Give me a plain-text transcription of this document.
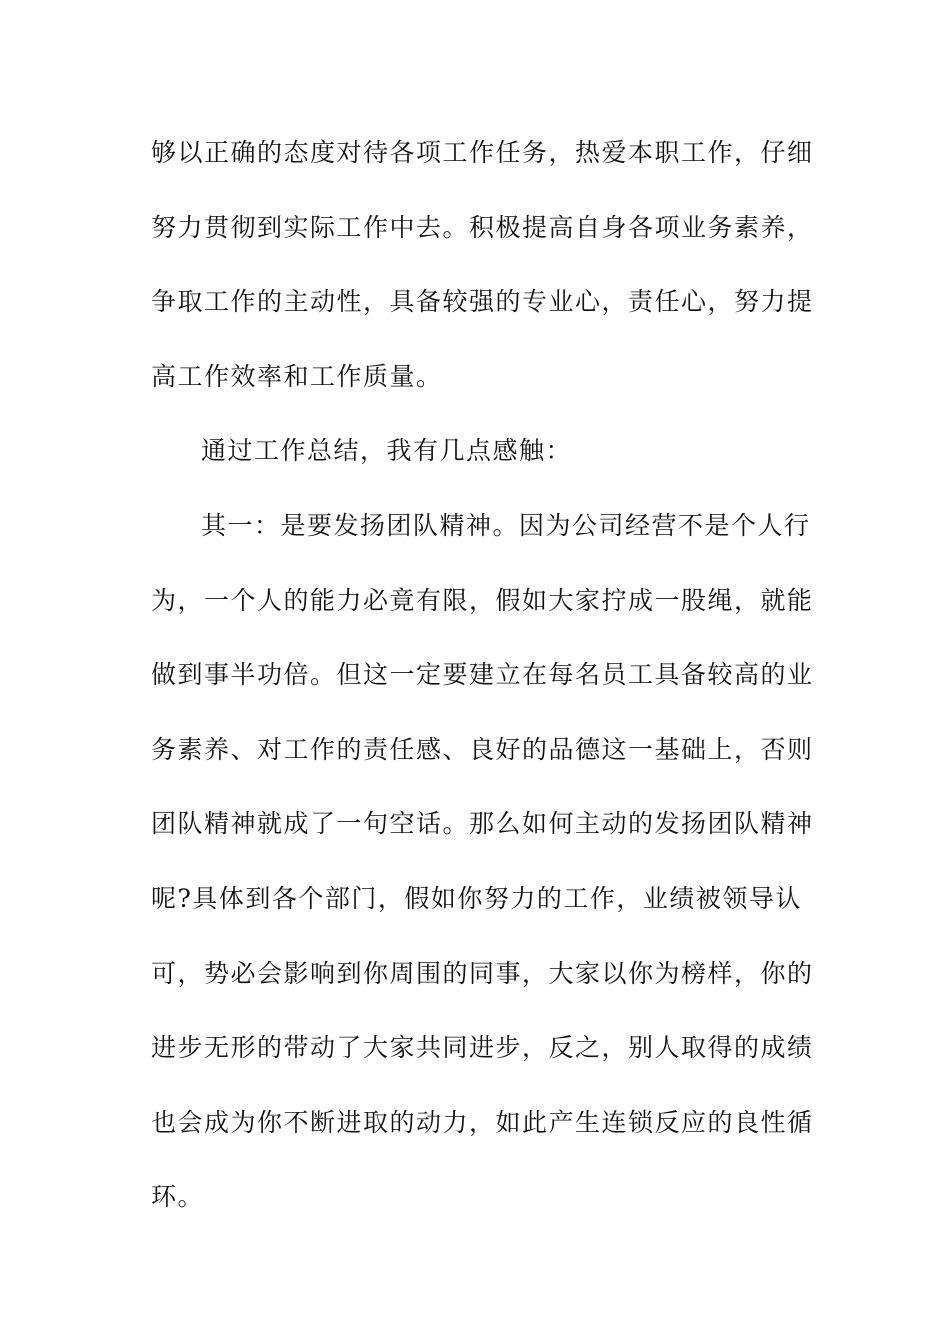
够以正确的态度对待各项工作任务，热爱本职工作，仔细
努力贯彻到实际工作中去。积极提高自身各项业务素养，
争取工作的主动性，具备较强的专业心，责任心，努力提
高工作效率和工作质量。
通过工作总结，我有几点感触：
其一：是要发扬团队精神。因为公司经营不是个人行
为，一个人的能力必竟有限，假如大家拧成一股绳，就能
做到事半功倍。但这一定要建立在每名员工具备较高的业
务素养、对工作的责任感、良好的品德这一基础上，否则
团队精神就成了一句空话。那么如何主动的发扬团队精神
呢?具体到各个部门，假如你努力的工作，业绩被领导认
可，势必会影响到你周围的同事，大家以你为榜样，你的
进步无形的带动了大家共同进步，反之，别人取得的成绩
也会成为你不断进取的动力，如此产生连锁反应的良性循
环。
